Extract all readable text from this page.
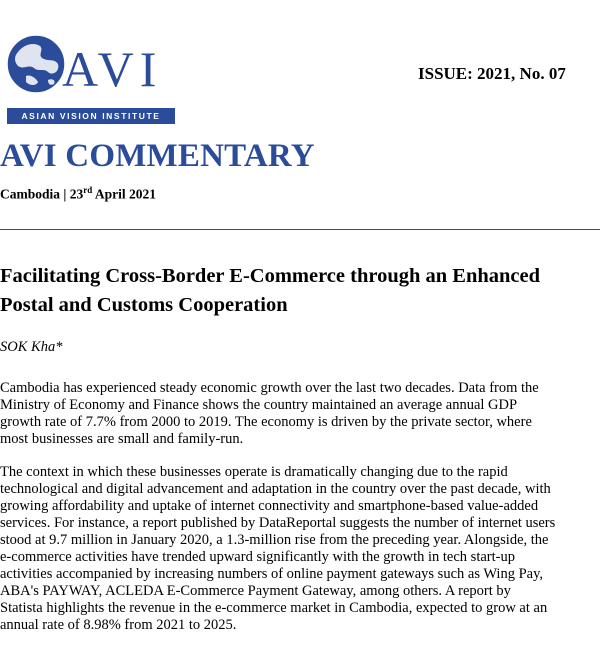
AVI
ASIAN VISION INSTITUTE
ISSUE: 2021, No. 07
AVI COMMENTARY
Cambodia | 23rd April 2021
Facilitating Cross-Border E-Commerce through an Enhanced
Postal and Customs Cooperation
SOK Kha*
Cambodia has experienced steady economic growth over the last two decades. Data from the
Ministry of Economy and Finance shows the country maintained an average annual GDP
growth rate of 7.7% from 2000 to 2019. The economy is driven by the private sector, where
most businesses are small and family-run.
The context in which these businesses operate is dramatically changing due to the rapid
technological and digital advancement and adaptation in the country over the past decade, with
growing affordability and uptake of internet connectivity and smartphone-based value-added
services. For instance, a report published by DataReportal suggests the number of internet users
stood at 9.7 million in January 2020, a 1.3-million rise from the preceding year. Alongside, the
e-commerce activities have trended upward significantly with the growth in tech start-up
activities accompanied by increasing numbers of online payment gateways such as Wing Pay,
ABA's PAYWAY, ACLEDA E-Commerce Payment Gateway, among others. A report by
Statista highlights the revenue in the e-commerce market in Cambodia, expected to grow at an
annual rate of 8.98% from 2021 to 2025.
